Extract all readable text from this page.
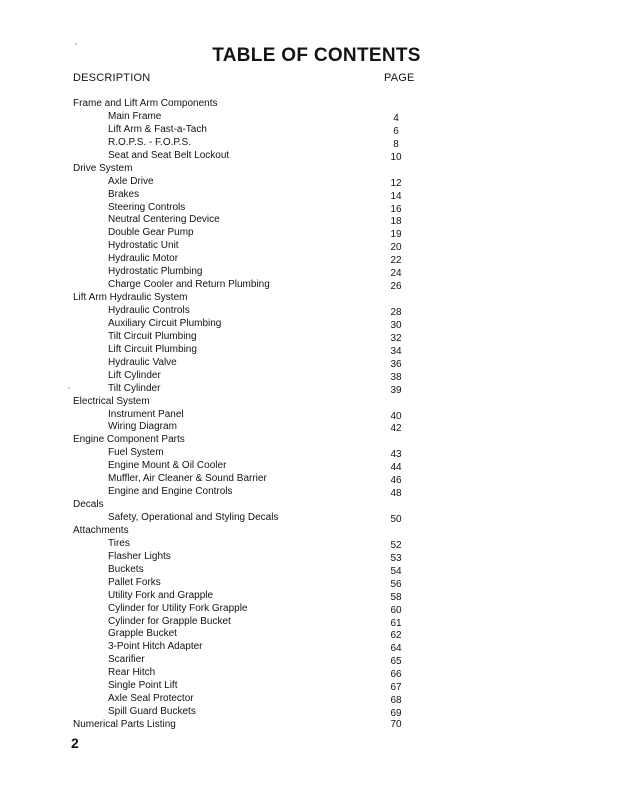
TABLE OF CONTENTS
DESCRIPTION	PAGE
Frame and Lift Arm Components
Main Frame	4
Lift Arm & Fast-a-Tach	6
R.O.P.S. - F.O.P.S.	8
Seat and Seat Belt Lockout	10
Drive System
Axle Drive	12
Brakes	14
Steering Controls	16
Neutral Centering Device	18
Double Gear Pump	19
Hydrostatic Unit	20
Hydraulic Motor	22
Hydrostatic Plumbing	24
Charge Cooler and Return Plumbing	26
Lift Arm Hydraulic System
Hydraulic Controls	28
Auxiliary Circuit Plumbing	30
Tilt Circuit Plumbing	32
Lift Circuit Plumbing	34
Hydraulic Valve	36
Lift Cylinder	38
Tilt Cylinder	39
Electrical System
Instrument Panel	40
Wiring Diagram	42
Engine Component Parts
Fuel System	43
Engine Mount & Oil Cooler	44
Muffler, Air Cleaner & Sound Barrier	46
Engine and Engine Controls	48
Decals
Safety, Operational and Styling Decals	50
Attachments
Tires	52
Flasher Lights	53
Buckets	54
Pallet Forks	56
Utility Fork and Grapple	58
Cylinder for Utility Fork Grapple	60
Cylinder for Grapple Bucket	61
Grapple Bucket	62
3-Point Hitch Adapter	64
Scarifier	65
Rear Hitch	66
Single Point Lift	67
Axle Seal Protector	68
Spill Guard Buckets	69
Numerical Parts Listing	70
2
